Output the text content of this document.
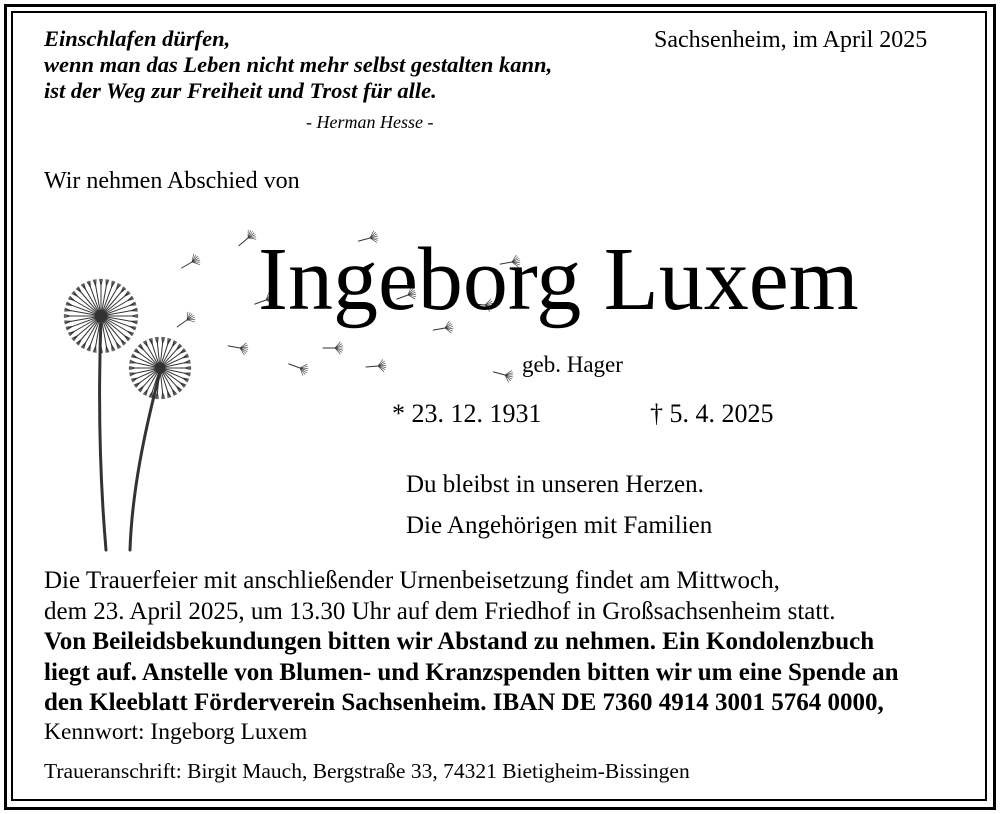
Einschlafen dürfen,
wenn man das Leben nicht mehr selbst gestalten kann,
ist der Weg zur Freiheit und Trost für alle.
- Herman Hesse -
Sachsenheim, im April 2025
Wir nehmen Abschied von
Ingeborg Luxem
geb. Hager
* 23. 12. 1931	† 5. 4. 2025
Du bleibst in unseren Herzen.
Die Angehörigen mit Familien
Die Trauerfeier mit anschließender Urnenbeisetzung findet am Mittwoch,
dem 23. April 2025, um 13.30 Uhr auf dem Friedhof in Großsachsenheim statt.
Von Beileidsbekundungen bitten wir Abstand zu nehmen. Ein Kondolenzbuch
liegt auf. Anstelle von Blumen- und Kranzspenden bitten wir um eine Spende an
den Kleeblatt Förderverein Sachsenheim. IBAN DE 7360 4914 3001 5764 0000,
Kennwort: Ingeborg Luxem
Traueranschrift: Birgit Mauch, Bergstraße 33, 74321 Bietigheim-Bissingen
